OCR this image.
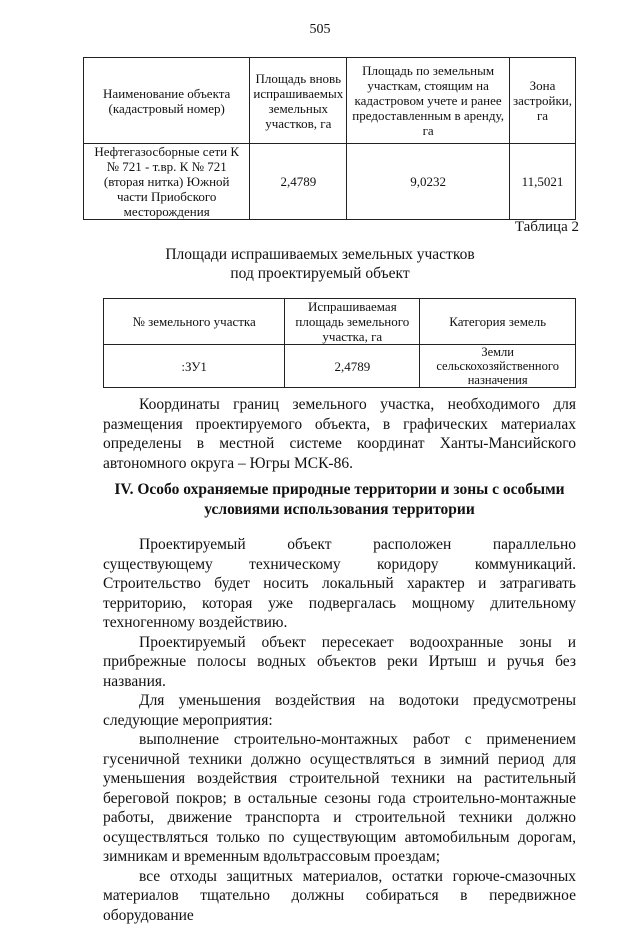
505
Наименование объекта (кадастровый номер)	Площадь вновь испрашиваемых земельных участков, га	Площадь по земельным участкам, стоящим на кадастровом учете и ранее предоставленным в аренду, га	Зона застройки, га
Нефтегазосборные сети К № 721 - т.вр. К № 721 (вторая нитка) Южной части Приобского месторождения	2,4789	9,0232	11,5021
Таблица 2
Площади испрашиваемых земельных участков
под проектируемый объект
№ земельного участка	Испрашиваемая площадь земельного участка, га	Категория земель
:ЗУ1	2,4789	Земли сельскохозяйственного назначения

Координаты границ земельного участка, необходимого для размещения проектируемого объекта, в графических материалах определены в местной системе координат Ханты-Мансийского автономного округа – Югры МСК-86.

IV. Особо охраняемые природные территории и зоны с особыми условиями использования территории

Проектируемый объект расположен параллельно существующему техническому коридору коммуникаций. Строительство будет носить локальный характер и затрагивать территорию, которая уже подвергалась мощному длительному техногенному воздействию.

Проектируемый объект пересекает водоохранные зоны и прибрежные полосы водных объектов реки Иртыш и ручья без названия.

Для уменьшения воздействия на водотоки предусмотрены следующие мероприятия:

выполнение строительно-монтажных работ с применением гусеничной техники должно осуществляться в зимний период для уменьшения воздействия строительной техники на растительный береговой покров; в остальные сезоны года строительно-монтажные работы, движение транспорта и строительной техники должно осуществляться только по существующим автомобильным дорогам, зимникам и временным вдольтрассовым проездам;

все отходы защитных материалов, остатки горюче-смазочных материалов тщательно должны собираться в передвижное оборудование
